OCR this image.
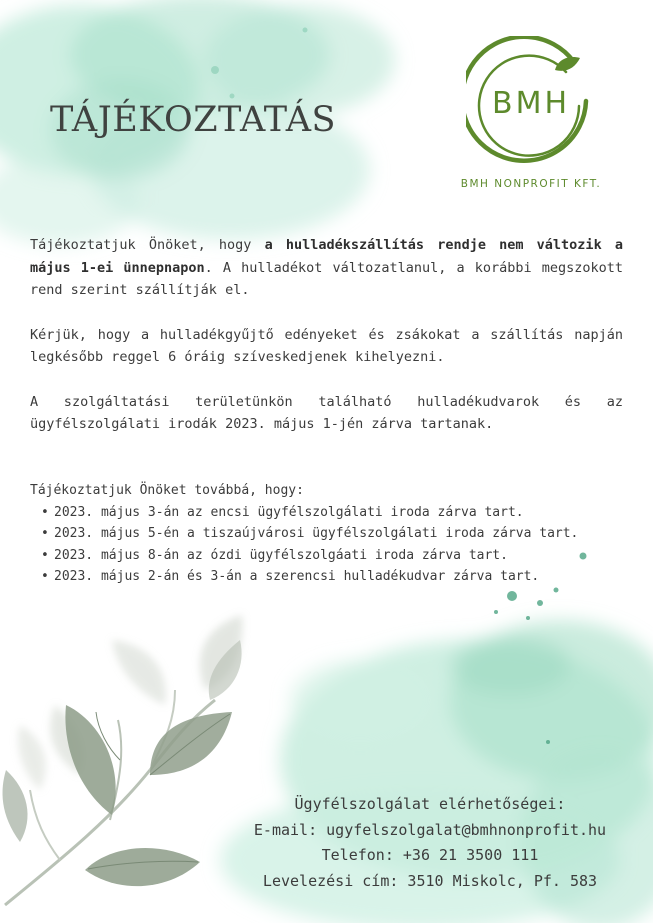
TÁJÉKOZTATÁS	BMH
BMH NONPROFIT KFT.

Tájékoztatjuk Önöket, hogy a hulladékszállítás rendje nem változik a május 1-ei ünnepnapon. A hulladékot változatlanul, a korábbi megszokott rend szerint szállítják el.

Kérjük, hogy a hulladékgyűjtő edényeket és zsákokat a szállítás napján legkésőbb reggel 6 óráig szíveskedjenek kihelyezni.

A szolgáltatási területünkön található hulladékudvarok és az ügyfélszolgálati irodák 2023. május 1-jén zárva tartanak.

Tájékoztatjuk Önöket továbbá, hogy:
• 2023. május 3-án az encsi ügyfélszolgálati iroda zárva tart.
• 2023. május 5-én a tiszaújvárosi ügyfélszolgálati iroda zárva tart.
• 2023. május 8-án az ózdi ügyfélszolgáati iroda zárva tart.
• 2023. május 2-án és 3-án a szerencsi hulladékudvar zárva tart.
Ügyfélszolgálat elérhetőségei:
E-mail: ugyfelszolgalat@bmhnonprofit.hu
Telefon: +36 21 3500 111
Levelezési cím: 3510 Miskolc, Pf. 583
